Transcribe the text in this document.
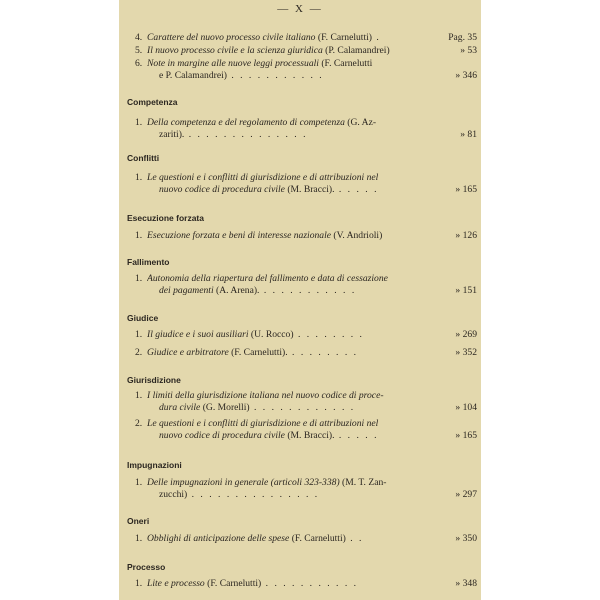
— X —
4. Carattere del nuovo processo civile italiano (F. Carnelutti) .	Pag. 35
5. Il nuovo processo civile e la scienza giuridica (P. Calamandrei)	» 53
6. Note in margine alle nuove leggi processuali (F. Carnelutti
e P. Calamandrei) . . . . . . . . . . .	» 346
Competenza
1. Della competenza e del regolamento di competenza (G. Az-
zariti). . . . . . . . . . . . . . .	» 81
Conflitti
1. Le questioni e i conflitti di giurisdizione e di attribuzioni nel
nuovo codice di procedura civile (M. Bracci). . . . . .	» 165
Esecuzione forzata
1. Esecuzione forzata e beni di interesse nazionale (V. Andrioli)	» 126
Fallimento
1. Autonomia della riapertura del fallimento e data di cessazione
dei pagamenti (A. Arena). . . . . . . . . . . .	» 151
Giudice
1. Il giudice e i suoi ausiliari (U. Rocco) . . . . . . . .	» 269
2. Giudice e arbitratore (F. Carnelutti). . . . . . . . .	» 352
Giurisdizione
1. I limiti della giurisdizione italiana nel nuovo codice di proce-
dura civile (G. Morelli) . . . . . . . . . . . .	» 104
2. Le questioni e i conflitti di giurisdizione e di attribuzioni nel
nuovo codice di procedura civile (M. Bracci). . . . . .	» 165
Impugnazioni
1. Delle impugnazioni in generale (articoli 323-338) (M. T. Zan-
zucchi) . . . . . . . . . . . . . . .	» 297
Oneri
1. Obblighi di anticipazione delle spese (F. Carnelutti) . .	» 350
Processo
1. Lite e processo (F. Carnelutti) . . . . . . . . . . .	» 348
